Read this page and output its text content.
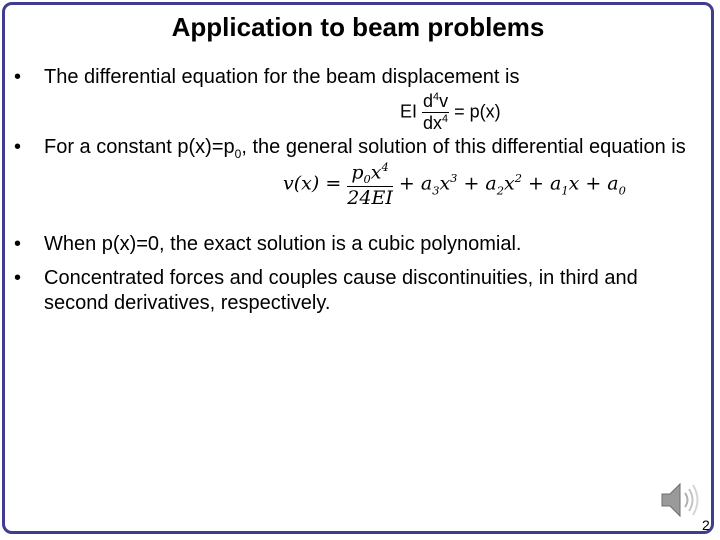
Application to beam problems
• The differential equation for the beam displacement is
EI $\frac{d^4v}{dx^4} = p(x)$
• For a constant $p(x)=p_0$, the general solution of this differential equation is
$v(x) = \frac{p_0x^4}{24EI} + a_3x^3 + a_2x^2 + a_1x + a_0$
• When p(x)=0, the exact solution is a cubic polynomial.
• Concentrated forces and couples cause discontinuities, in third and second derivatives, respectively.
2
